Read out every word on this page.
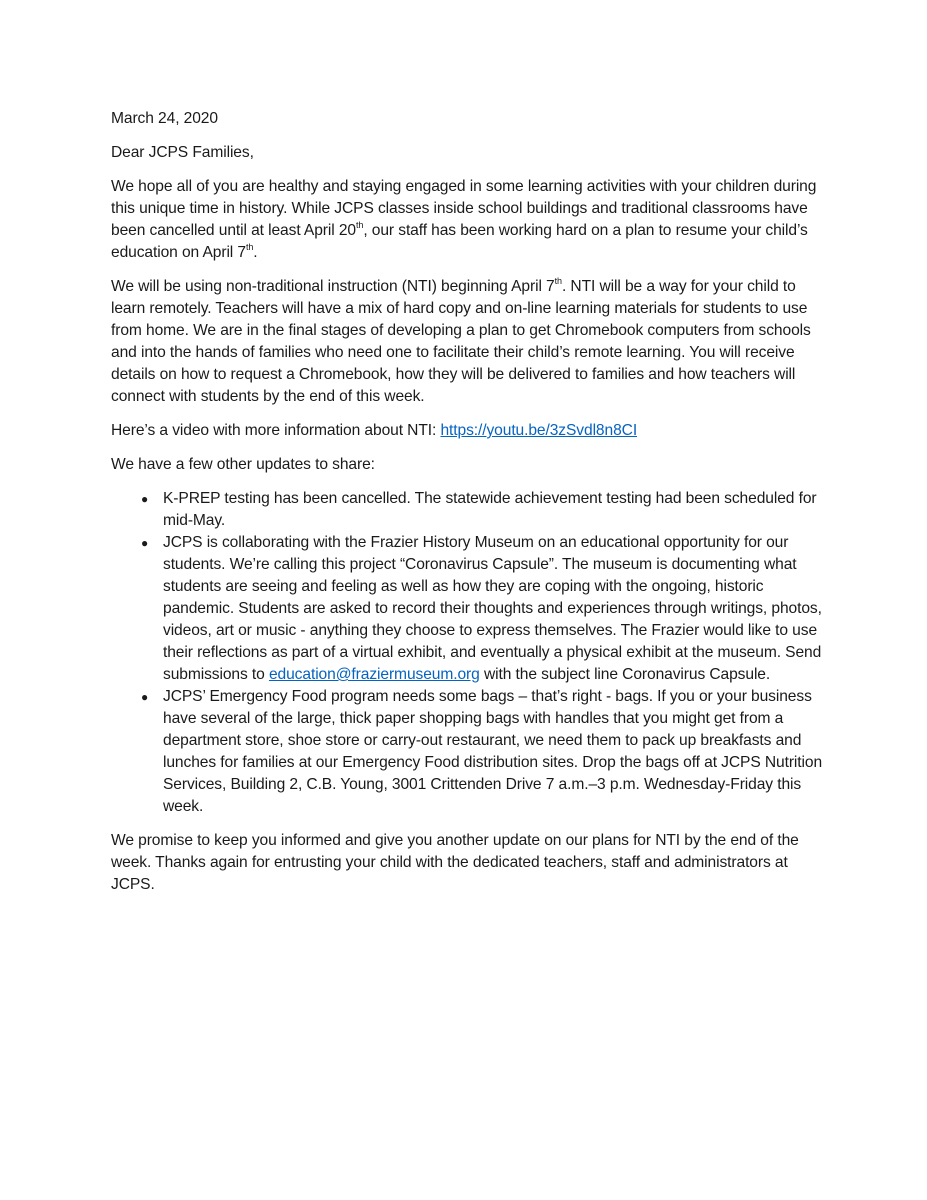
March 24, 2020

Dear JCPS Families,

We hope all of you are healthy and staying engaged in some learning activities with your children during this unique time in history. While JCPS classes inside school buildings and traditional classrooms have been cancelled until at least April 20th, our staff has been working hard on a plan to resume your child’s education on April 7th.

We will be using non-traditional instruction (NTI) beginning April 7th. NTI will be a way for your child to learn remotely. Teachers will have a mix of hard copy and on-line learning materials for students to use from home. We are in the final stages of developing a plan to get Chromebook computers from schools and into the hands of families who need one to facilitate their child’s remote learning. You will receive details on how to request a Chromebook, how they will be delivered to families and how teachers will connect with students by the end of this week.

Here’s a video with more information about NTI: https://youtu.be/3zSvdl8n8CI

We have a few other updates to share:

● K-PREP testing has been cancelled. The statewide achievement testing had been scheduled for mid-May.
● JCPS is collaborating with the Frazier History Museum on an educational opportunity for our students. We’re calling this project “Coronavirus Capsule”. The museum is documenting what students are seeing and feeling as well as how they are coping with the ongoing, historic pandemic. Students are asked to record their thoughts and experiences through writings, photos, videos, art or music - anything they choose to express themselves. The Frazier would like to use their reflections as part of a virtual exhibit, and eventually a physical exhibit at the museum. Send submissions to education@fraziermuseum.org with the subject line Coronavirus Capsule.
● JCPS’ Emergency Food program needs some bags – that’s right - bags. If you or your business have several of the large, thick paper shopping bags with handles that you might get from a department store, shoe store or carry-out restaurant, we need them to pack up breakfasts and lunches for families at our Emergency Food distribution sites. Drop the bags off at JCPS Nutrition Services, Building 2, C.B. Young, 3001 Crittenden Drive 7 a.m.–3 p.m. Wednesday-Friday this week.

We promise to keep you informed and give you another update on our plans for NTI by the end of the week. Thanks again for entrusting your child with the dedicated teachers, staff and administrators at JCPS.
